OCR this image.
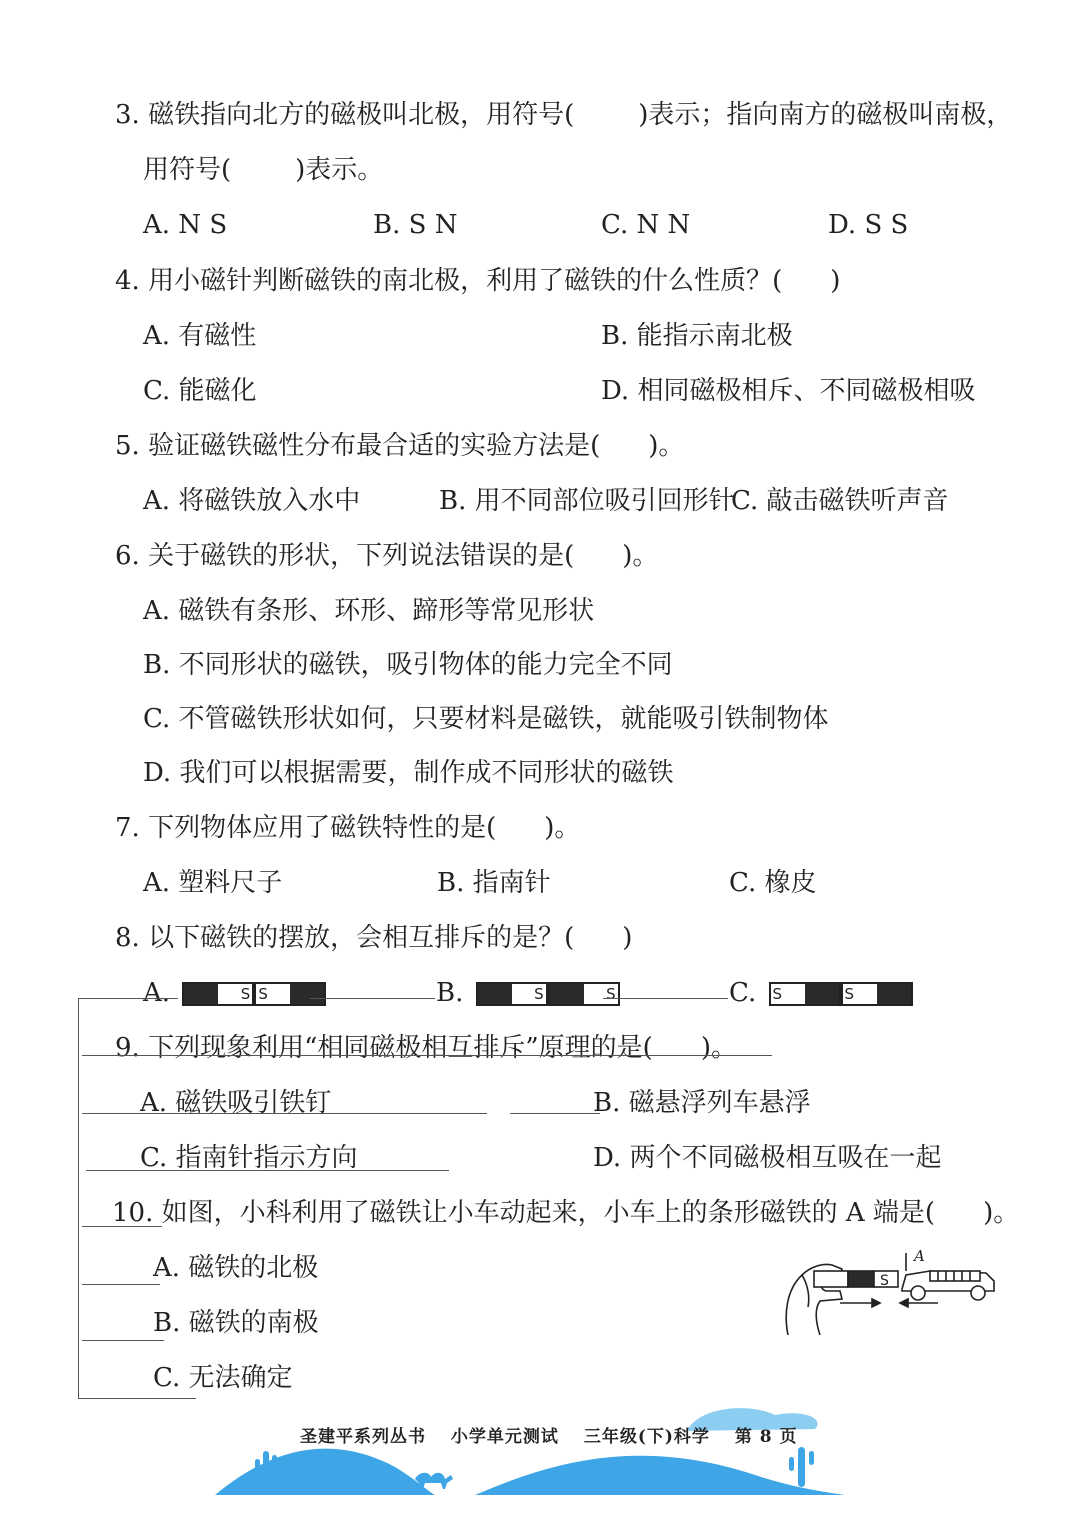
3. 磁铁指向北方的磁极叫北极，用符号( )表示；指向南方的磁极叫南极，
用符号( )表示。
A. N S	B. S N	C. N N	D. S S
4. 用小磁针判断磁铁的南北极，利用了磁铁的什么性质？( )
A. 有磁性	B. 能指示南北极
C. 能磁化	D. 相同磁极相斥、不同磁极相吸
5. 验证磁铁磁性分布最合适的实验方法是( )。
A. 将磁铁放入水中	B. 用不同部位吸引回形针
C. 敲击磁铁听声音
6. 关于磁铁的形状，下列说法错误的是( )。
A. 磁铁有条形、环形、蹄形等常见形状
B. 不同形状的磁铁，吸引物体的能力完全不同
C. 不管磁铁形状如何，只要材料是磁铁，就能吸引铁制物体
D. 我们可以根据需要，制作成不同形状的磁铁
7. 下列物体应用了磁铁特性的是( )。
A. 塑料尺子	B. 指南针	C. 橡皮
8. 以下磁铁的摆放，会相互排斥的是？( )
A.	S S	B.	S	S	C. S	S
9. 下列现象利用“相同磁极相互排斥”原理的是( )。
A. 磁铁吸引铁钉	B. 磁悬浮列车悬浮
C. 指南针指示方向	D. 两个不同磁极相互吸在一起
10. 如图，小科利用了磁铁让小车动起来，小车上的条形磁铁的 A 端是( )。
A. 磁铁的北极
B. 磁铁的南极
C. 无法确定
S
A
圣建平系列丛书 小学单元测试 三年级(下)科学 第 8 页
